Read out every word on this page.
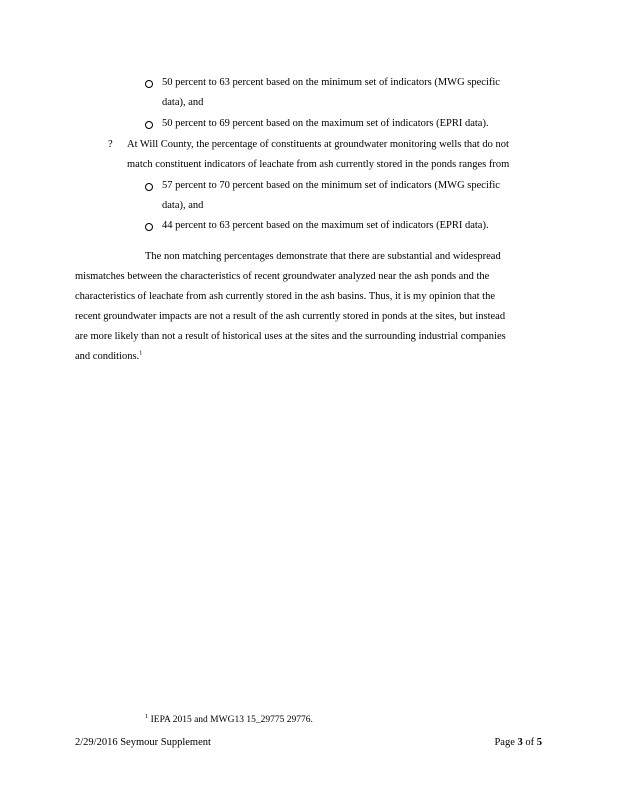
50 percent to 63 percent based on the minimum set of indicators (MWG specific
data), and
50 percent to 69 percent based on the maximum set of indicators (EPRI data).
? At Will County, the percentage of constituents at groundwater monitoring wells that do not
match constituent indicators of leachate from ash currently stored in the ponds ranges from
57 percent to 70 percent based on the minimum set of indicators (MWG specific
data), and
44 percent to 63 percent based on the maximum set of indicators (EPRI data).
The non matching percentages demonstrate that there are substantial and widespread
mismatches between the characteristics of recent groundwater analyzed near the ash ponds and the
characteristics of leachate from ash currently stored in the ash basins. Thus, it is my opinion that the
recent groundwater impacts are not a result of the ash currently stored in ponds at the sites, but instead
are more likely than not a result of historical uses at the sites and the surrounding industrial companies
and conditions.$^1$
$^1$ IEPA 2015 and MWG13 15_29775 29776.
2/29/2016 Seymour Supplement	Page 3 of 5
